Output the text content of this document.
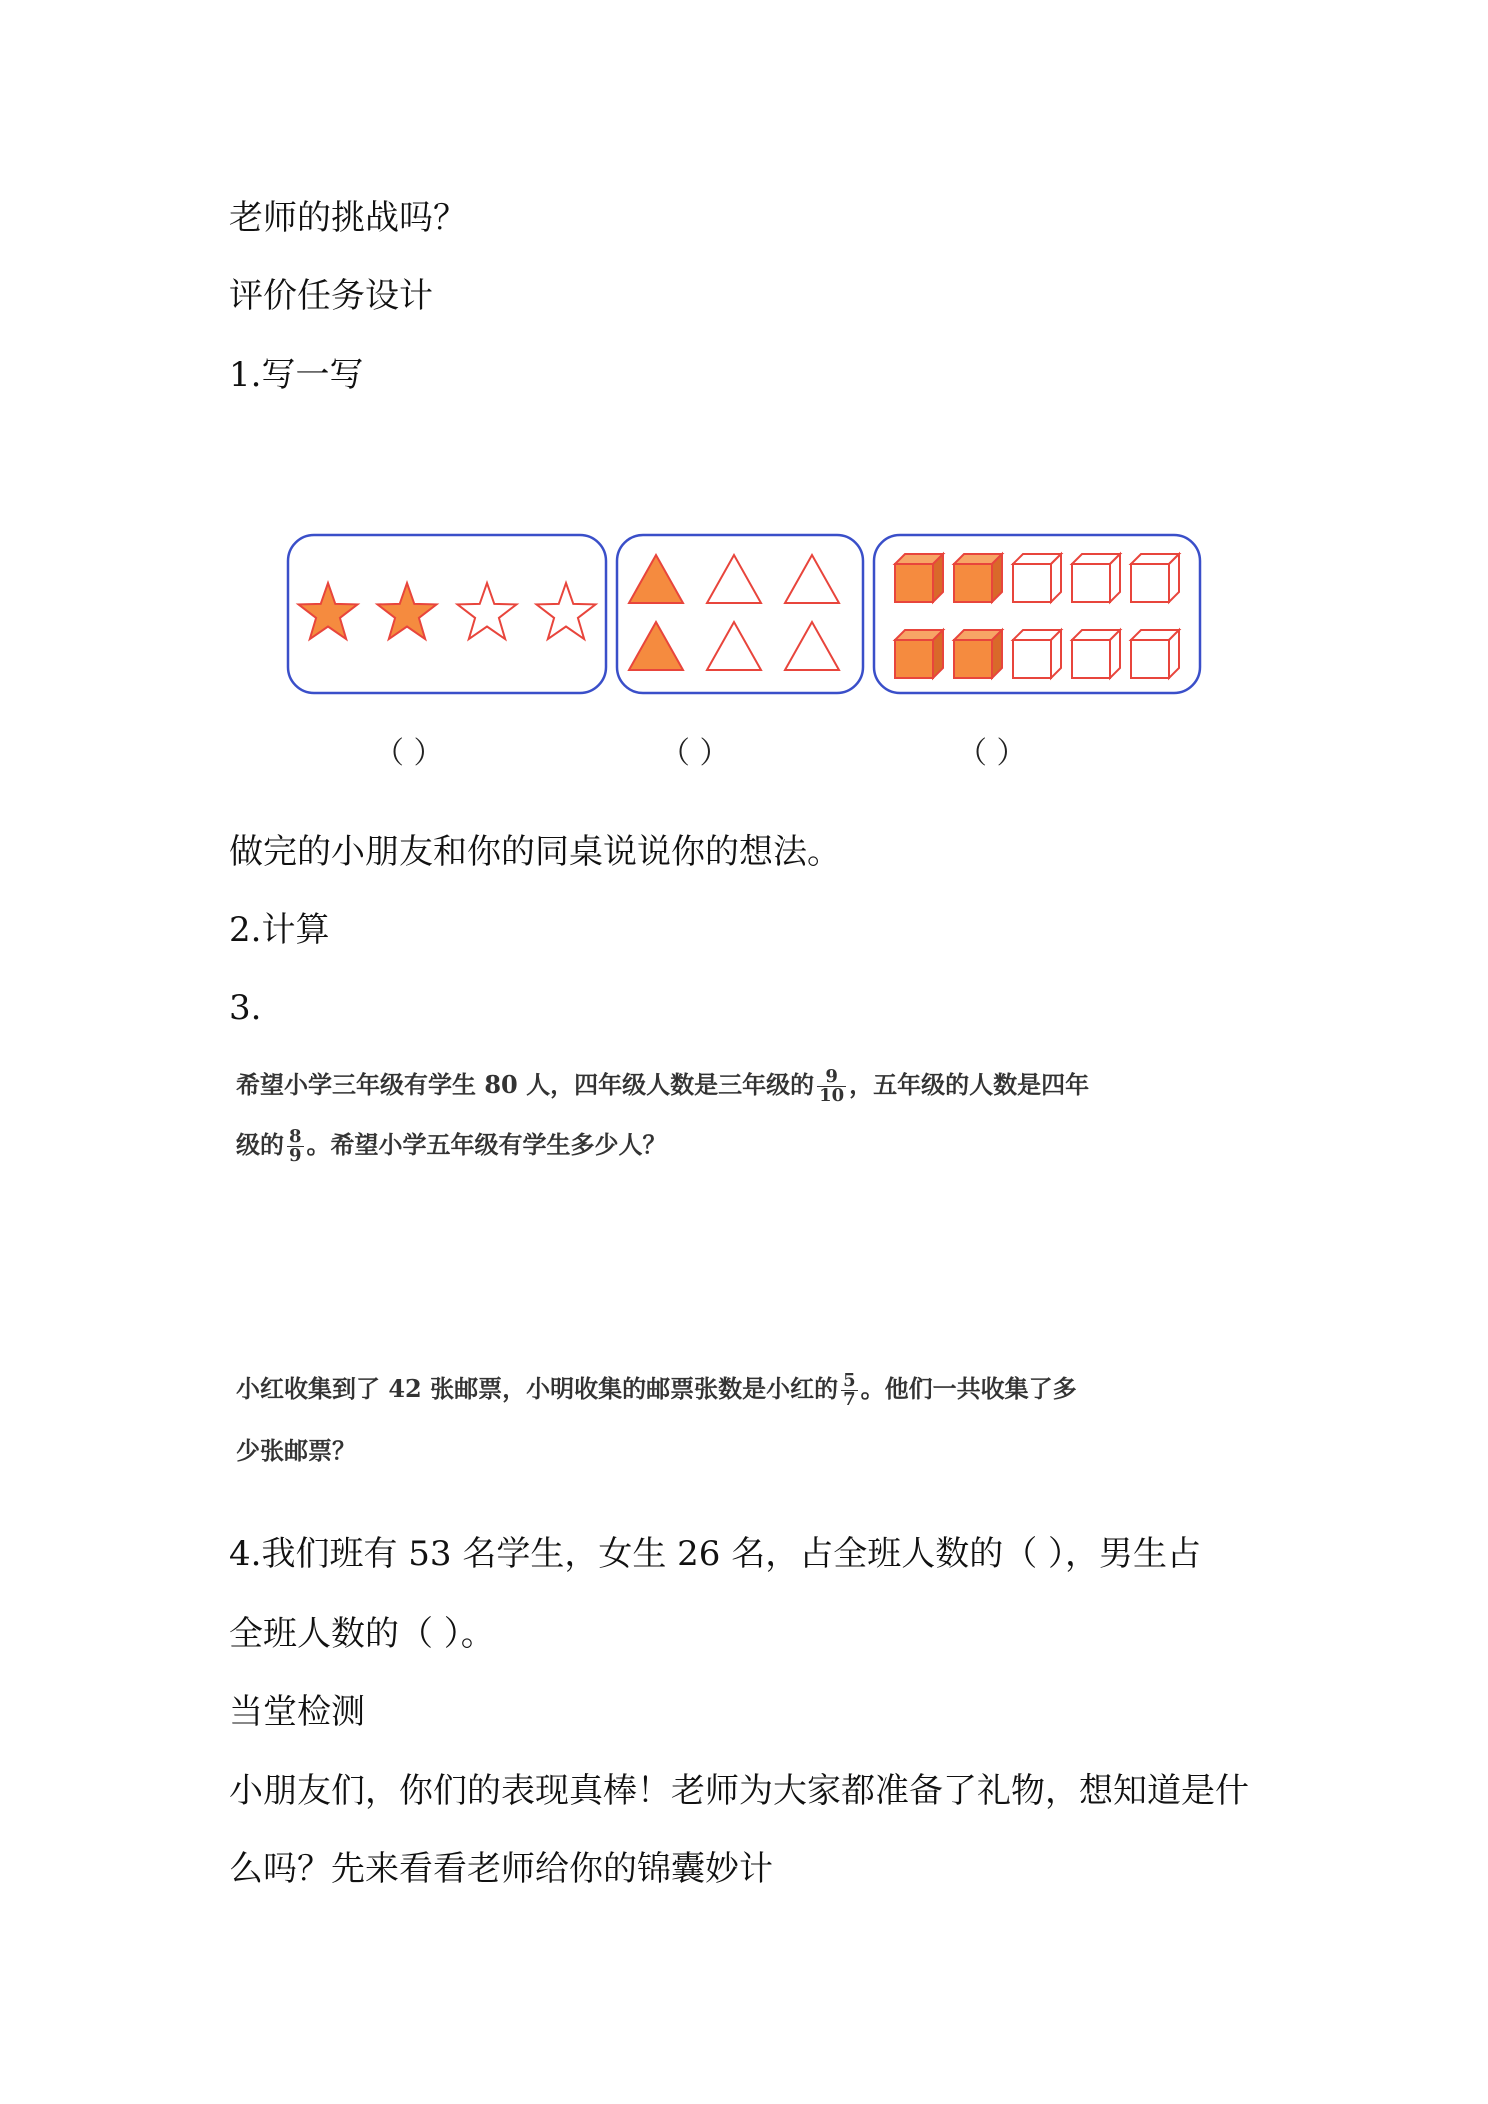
老师的挑战吗？
评价任务设计
1.写一写
（ ）	（ ）	（ ）
做完的小朋友和你的同桌说说你的想法。
2.计算
3.
希望小学三年级有学生 80 人，四年级人数是三年级的 $\frac{9}{10}$ ，五年级的人数是四年
级的 $\frac{8}{9}$ 。希望小学五年级有学生多少人？
小红收集到了 42 张邮票，小明收集的邮票张数是小红的 $\frac{5}{7}$ 。他们一共收集了多
少张邮票？
4.我们班有 53 名学生，女生 26 名，占全班人数的（ ），男生占
全班人数的（ ）。
当堂检测
小朋友们，你们的表现真棒！老师为大家都准备了礼物，想知道是什
么吗？先来看看老师给你的锦囊妙计
